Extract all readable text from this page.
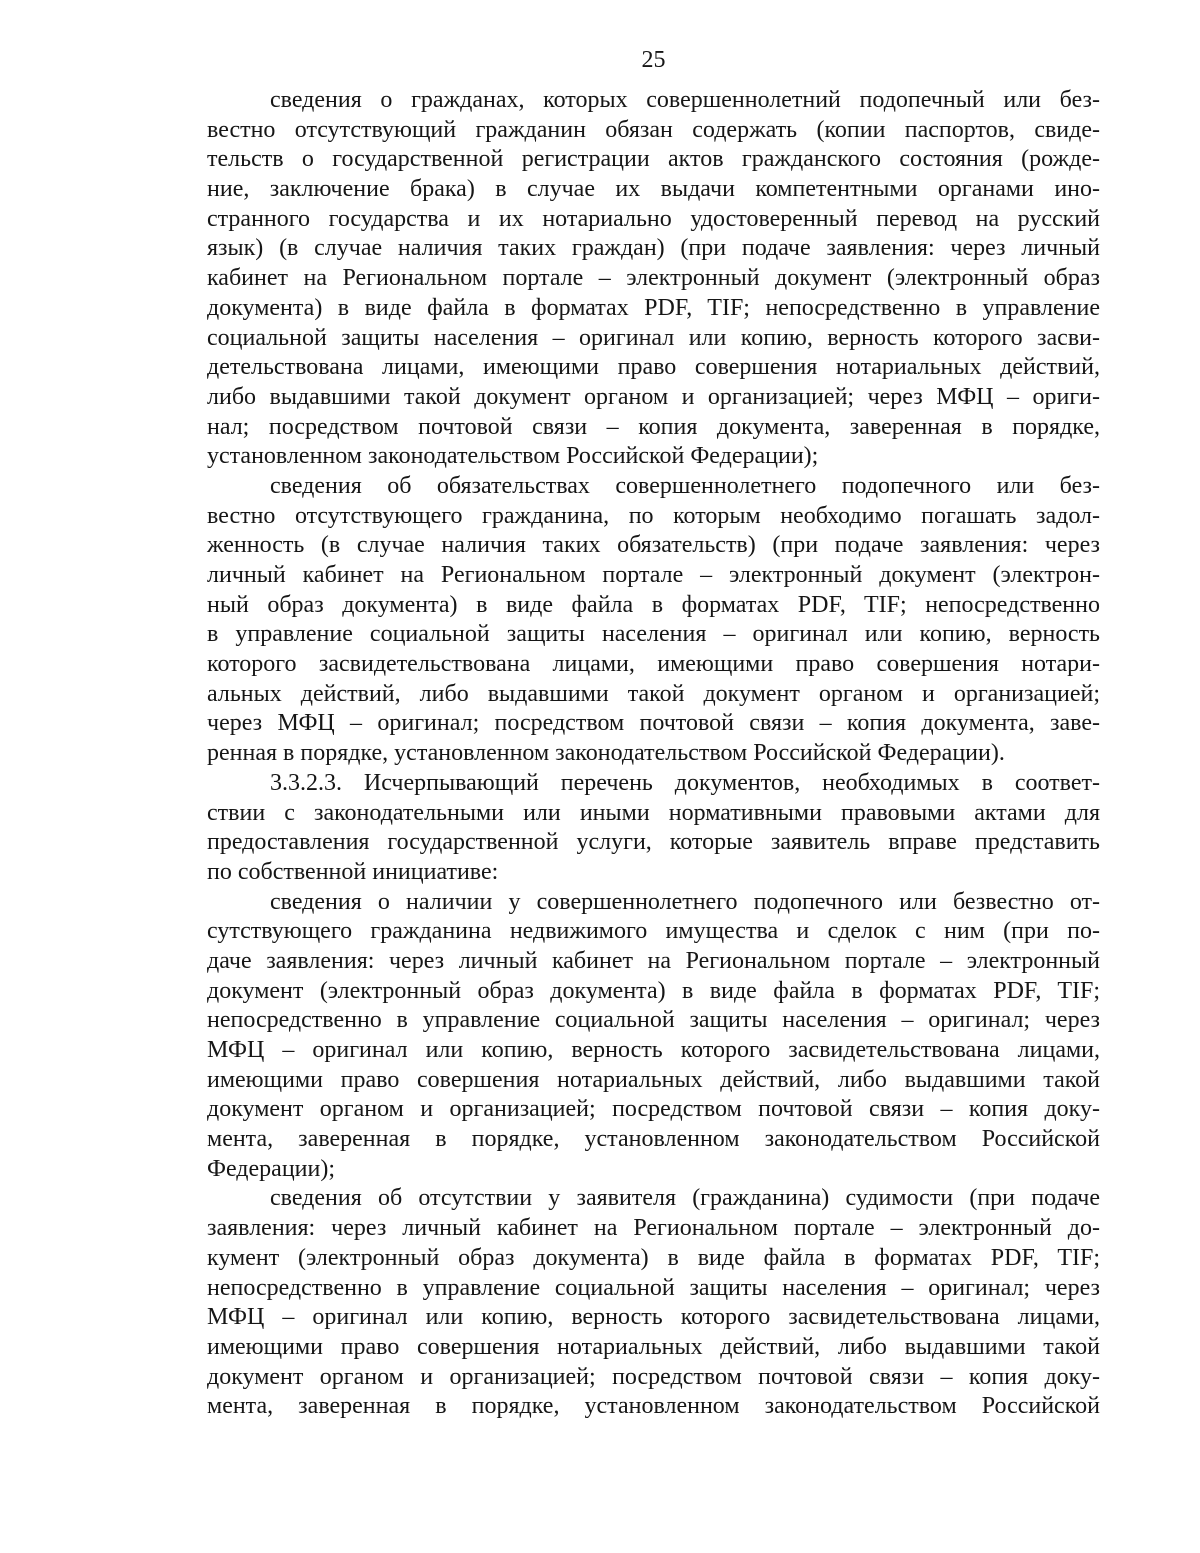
25
сведения о гражданах, которых совершеннолетний подопечный или без-
вестно отсутствующий гражданин обязан содержать (копии паспортов, свиде-
тельств о государственной регистрации актов гражданского состояния (рожде-
ние, заключение брака) в случае их выдачи компетентными органами ино-
странного государства и их нотариально удостоверенный перевод на русский
язык) (в случае наличия таких граждан) (при подаче заявления: через личный
кабинет на Региональном портале – электронный документ (электронный образ
документа) в виде файла в форматах PDF, TIF; непосредственно в управление
социальной защиты населения – оригинал или копию, верность которого засви-
детельствована лицами, имеющими право совершения нотариальных действий,
либо выдавшими такой документ органом и организацией; через МФЦ – ориги-
нал; посредством почтовой связи – копия документа, заверенная в порядке,
установленном законодательством Российской Федерации);
сведения об обязательствах совершеннолетнего подопечного или без-
вестно отсутствующего гражданина, по которым необходимо погашать задол-
женность (в случае наличия таких обязательств) (при подаче заявления: через
личный кабинет на Региональном портале – электронный документ (электрон-
ный образ документа) в виде файла в форматах PDF, TIF; непосредственно
в управление социальной защиты населения – оригинал или копию, верность
которого засвидетельствована лицами, имеющими право совершения нотари-
альных действий, либо выдавшими такой документ органом и организацией;
через МФЦ – оригинал; посредством почтовой связи – копия документа, заве-
ренная в порядке, установленном законодательством Российской Федерации).
3.3.2.3. Исчерпывающий перечень документов, необходимых в соответ-
ствии с законодательными или иными нормативными правовыми актами для
предоставления государственной услуги, которые заявитель вправе представить
по собственной инициативе:
сведения о наличии у совершеннолетнего подопечного или безвестно от-
сутствующего гражданина недвижимого имущества и сделок с ним (при по-
даче заявления: через личный кабинет на Региональном портале – электронный
документ (электронный образ документа) в виде файла в форматах PDF, TIF;
непосредственно в управление социальной защиты населения – оригинал; через
МФЦ – оригинал или копию, верность которого засвидетельствована лицами,
имеющими право совершения нотариальных действий, либо выдавшими такой
документ органом и организацией; посредством почтовой связи – копия доку-
мента, заверенная в порядке, установленном законодательством Российской
Федерации);
сведения об отсутствии у заявителя (гражданина) судимости (при подаче
заявления: через личный кабинет на Региональном портале – электронный до-
кумент (электронный образ документа) в виде файла в форматах PDF, TIF;
непосредственно в управление социальной защиты населения – оригинал; через
МФЦ – оригинал или копию, верность которого засвидетельствована лицами,
имеющими право совершения нотариальных действий, либо выдавшими такой
документ органом и организацией; посредством почтовой связи – копия доку-
мента, заверенная в порядке, установленном законодательством Российской
